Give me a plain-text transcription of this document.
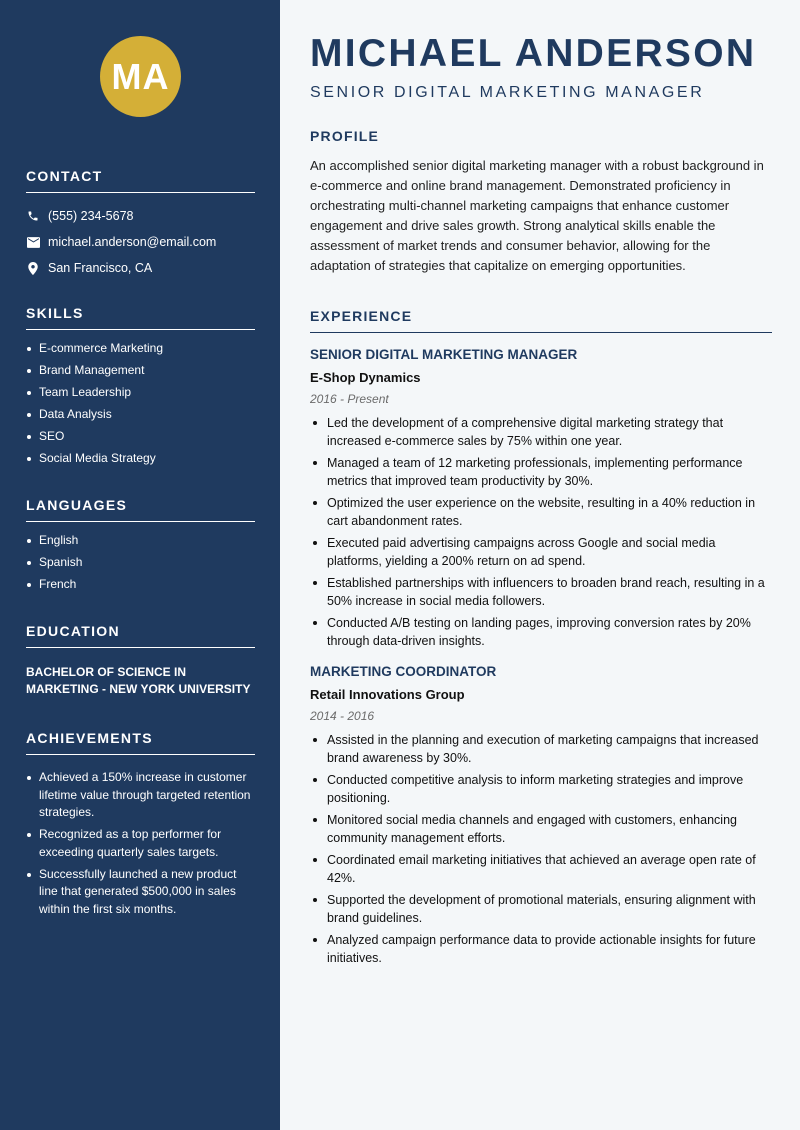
MA
CONTACT
(555) 234-5678
michael.anderson@email.com
San Francisco, CA
SKILLS
E-commerce Marketing
Brand Management
Team Leadership
Data Analysis
SEO
Social Media Strategy
LANGUAGES
English
Spanish
French
EDUCATION
BACHELOR OF SCIENCE IN MARKETING - NEW YORK UNIVERSITY
ACHIEVEMENTS
Achieved a 150% increase in customer lifetime value through targeted retention strategies.
Recognized as a top performer for exceeding quarterly sales targets.
Successfully launched a new product line that generated $500,000 in sales within the first six months.
MICHAEL ANDERSON
SENIOR DIGITAL MARKETING MANAGER
PROFILE
An accomplished senior digital marketing manager with a robust background in e-commerce and online brand management. Demonstrated proficiency in orchestrating multi-channel marketing campaigns that enhance customer engagement and drive sales growth. Strong analytical skills enable the assessment of market trends and consumer behavior, allowing for the adaptation of strategies that capitalize on emerging opportunities.
EXPERIENCE
SENIOR DIGITAL MARKETING MANAGER
E-Shop Dynamics
2016 - Present
Led the development of a comprehensive digital marketing strategy that increased e-commerce sales by 75% within one year.
Managed a team of 12 marketing professionals, implementing performance metrics that improved team productivity by 30%.
Optimized the user experience on the website, resulting in a 40% reduction in cart abandonment rates.
Executed paid advertising campaigns across Google and social media platforms, yielding a 200% return on ad spend.
Established partnerships with influencers to broaden brand reach, resulting in a 50% increase in social media followers.
Conducted A/B testing on landing pages, improving conversion rates by 20% through data-driven insights.
MARKETING COORDINATOR
Retail Innovations Group
2014 - 2016
Assisted in the planning and execution of marketing campaigns that increased brand awareness by 30%.
Conducted competitive analysis to inform marketing strategies and improve positioning.
Monitored social media channels and engaged with customers, enhancing community management efforts.
Coordinated email marketing initiatives that achieved an average open rate of 42%.
Supported the development of promotional materials, ensuring alignment with brand guidelines.
Analyzed campaign performance data to provide actionable insights for future initiatives.
